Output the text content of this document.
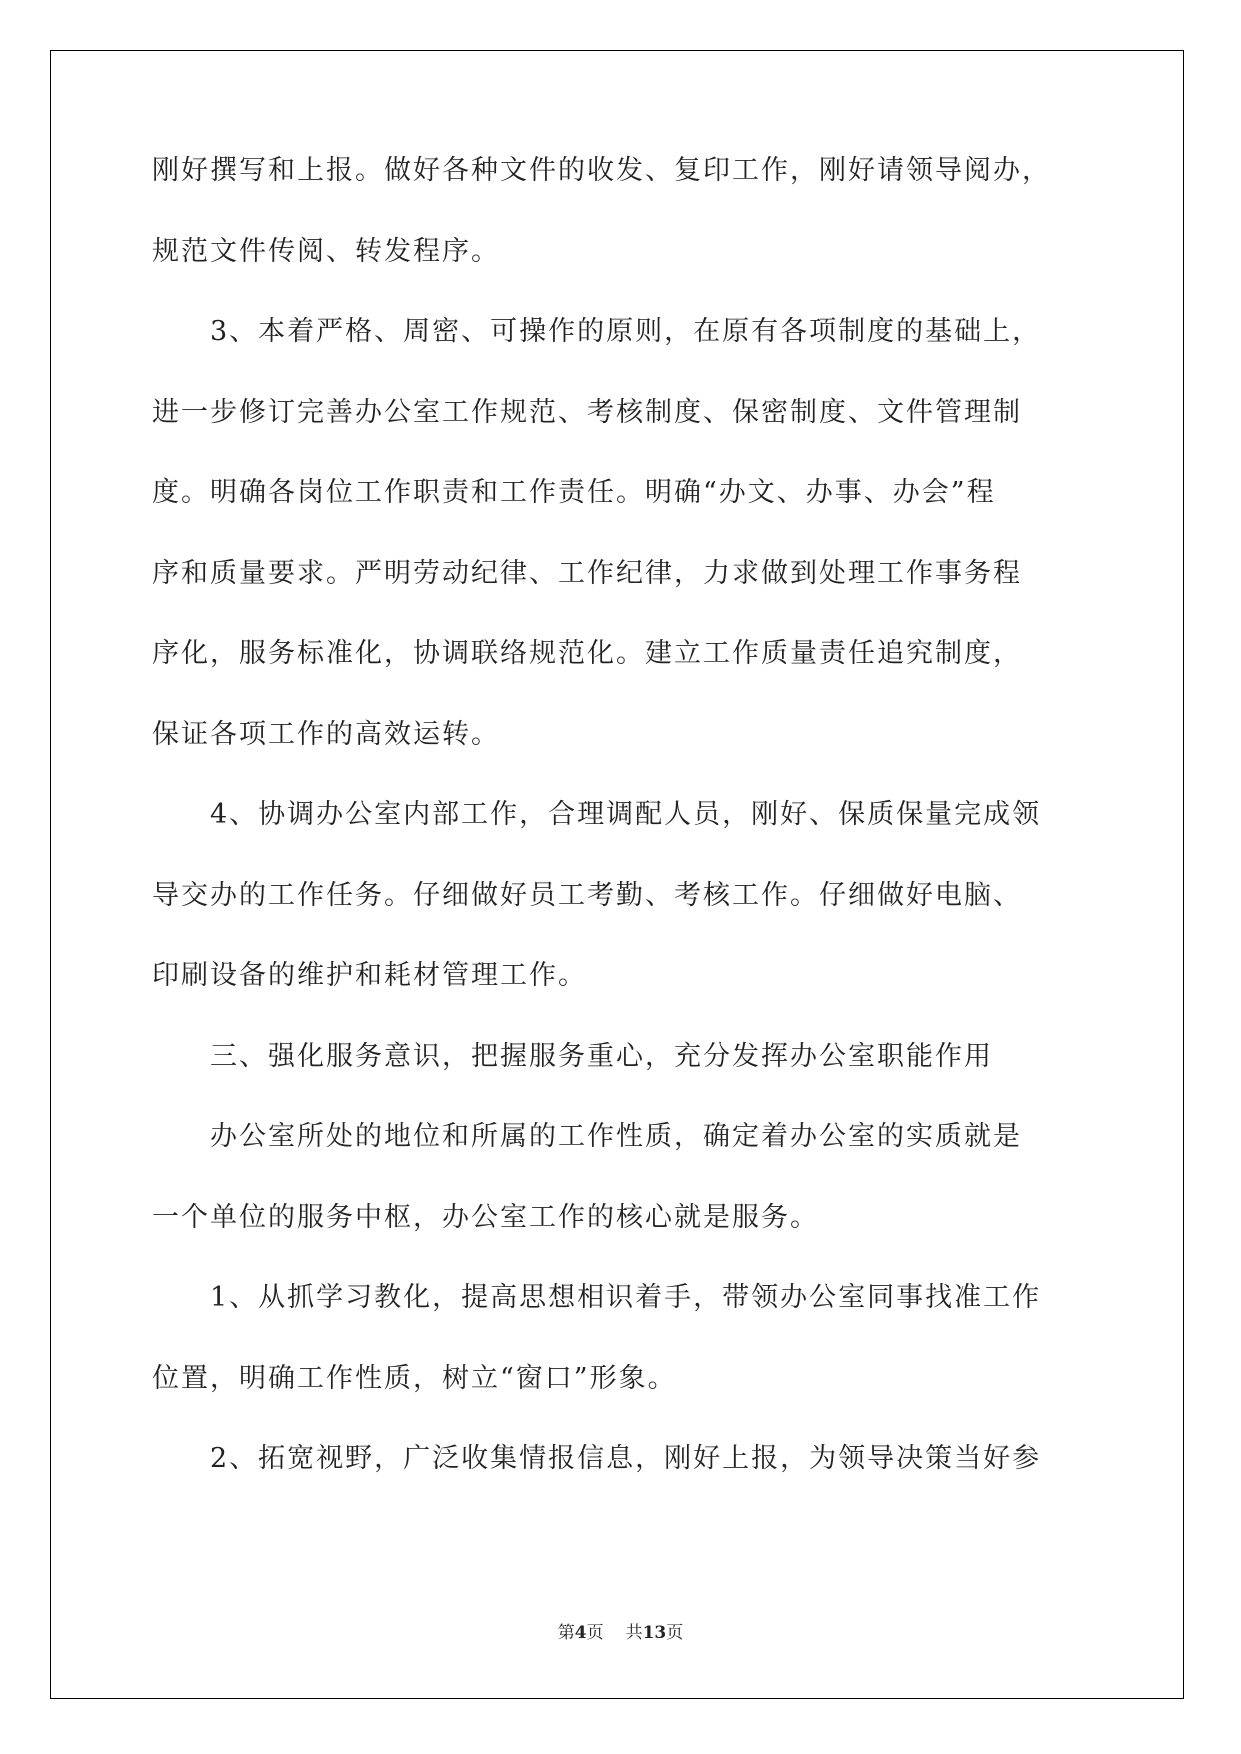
刚好撰写和上报。做好各种文件的收发、复印工作，刚好请领导阅办，
规范文件传阅、转发程序。
3、本着严格、周密、可操作的原则，在原有各项制度的基础上，
进一步修订完善办公室工作规范、考核制度、保密制度、文件管理制
度。明确各岗位工作职责和工作责任。明确“办文、办事、办会”程
序和质量要求。严明劳动纪律、工作纪律，力求做到处理工作事务程
序化，服务标准化，协调联络规范化。建立工作质量责任追究制度，
保证各项工作的高效运转。
4、协调办公室内部工作，合理调配人员，刚好、保质保量完成领
导交办的工作任务。仔细做好员工考勤、考核工作。仔细做好电脑、
印刷设备的维护和耗材管理工作。
三、强化服务意识，把握服务重心，充分发挥办公室职能作用
办公室所处的地位和所属的工作性质，确定着办公室的实质就是
一个单位的服务中枢，办公室工作的核心就是服务。
1、从抓学习教化，提高思想相识着手，带领办公室同事找准工作
位置，明确工作性质，树立“窗口”形象。
2、拓宽视野，广泛收集情报信息，刚好上报，为领导决策当好参
第4页 共13页
